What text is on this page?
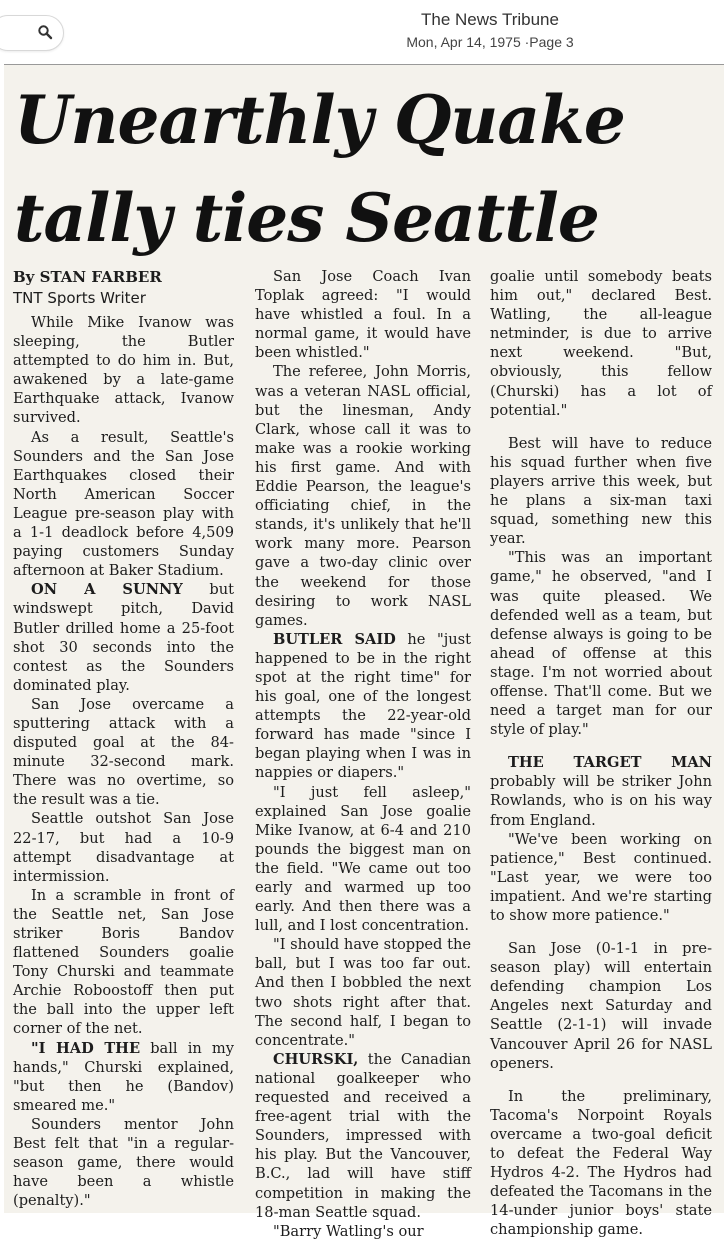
The News Tribune
Mon, Apr 14, 1975 ·Page 3
Unearthly Quake
tally ties Seattle

By STAN FARBER

TNT Sports Writer

While Mike Ivanow was sleeping, the Butler attempted to do him in. But, awakened by a late-game Earthquake attack, Ivanow survived.

As a result, Seattle's Sounders and the San Jose Earthquakes closed their North American Soccer League pre-season play with a 1-1 deadlock before 4,509 paying customers Sunday afternoon at Baker Stadium.

ON A SUNNY but windswept pitch, David Butler drilled home a 25-foot shot 30 seconds into the contest as the Sounders dominated play.

San Jose overcame a sputtering attack with a disputed goal at the 84-minute 32-second mark. There was no overtime, so the result was a tie.

Seattle outshot San Jose 22-17, but had a 10-9 attempt disadvantage at intermission.

In a scramble in front of the Seattle net, San Jose striker Boris Bandov flattened Sounders goalie Tony Churski and teammate Archie Roboostoff then put the ball into the upper left corner of the net.

"I HAD THE ball in my hands," Churski explained, "but then he (Bandov) smeared me."

Sounders mentor John Best felt that "in a regular-season game, there would have been a whistle (penalty)."

San Jose Coach Ivan Toplak agreed: "I would have whistled a foul. In a normal game, it would have been whistled."

The referee, John Morris, was a veteran NASL official, but the linesman, Andy Clark, whose call it was to make was a rookie working his first game. And with Eddie Pearson, the league's officiating chief, in the stands, it's unlikely that he'll work many more. Pearson gave a two-day clinic over the weekend for those desiring to work NASL games.

BUTLER SAID he "just happened to be in the right spot at the right time" for his goal, one of the longest attempts the 22-year-old forward has made "since I began playing when I was in nappies or diapers."

"I just fell asleep," explained San Jose goalie Mike Ivanow, at 6-4 and 210 pounds the biggest man on the field. "We came out too early and warmed up too early. And then there was a lull, and I lost concentration.

"I should have stopped the ball, but I was too far out. And then I bobbled the next two shots right after that. The second half, I began to concentrate."

CHURSKI, the Canadian national goalkeeper who requested and received a free-agent trial with the Sounders, impressed with his play. But the Vancouver, B.C., lad will have stiff competition in making the 18-man Seattle squad.

"Barry Watling's our

goalie until somebody beats him out," declared Best. Watling, the all-league netminder, is due to arrive next weekend. "But, obviously, this fellow (Churski) has a lot of potential."

Best will have to reduce his squad further when five players arrive this week, but he plans a six-man taxi squad, something new this year.

"This was an important game," he observed, "and I was quite pleased. We defended well as a team, but defense always is going to be ahead of offense at this stage. I'm not worried about offense. That'll come. But we need a target man for our style of play."

THE TARGET MAN probably will be striker John Rowlands, who is on his way from England.

"We've been working on patience," Best continued. "Last year, we were too impatient. And we're starting to show more patience."

San Jose (0-1-1 in pre-season play) will entertain defending champion Los Angeles next Saturday and Seattle (2-1-1) will invade Vancouver April 26 for NASL openers.

In the preliminary, Tacoma's Norpoint Royals overcame a two-goal deficit to defeat the Federal Way Hydros 4-2. The Hydros had defeated the Tacomans in the 14-under junior boys' state championship game.
